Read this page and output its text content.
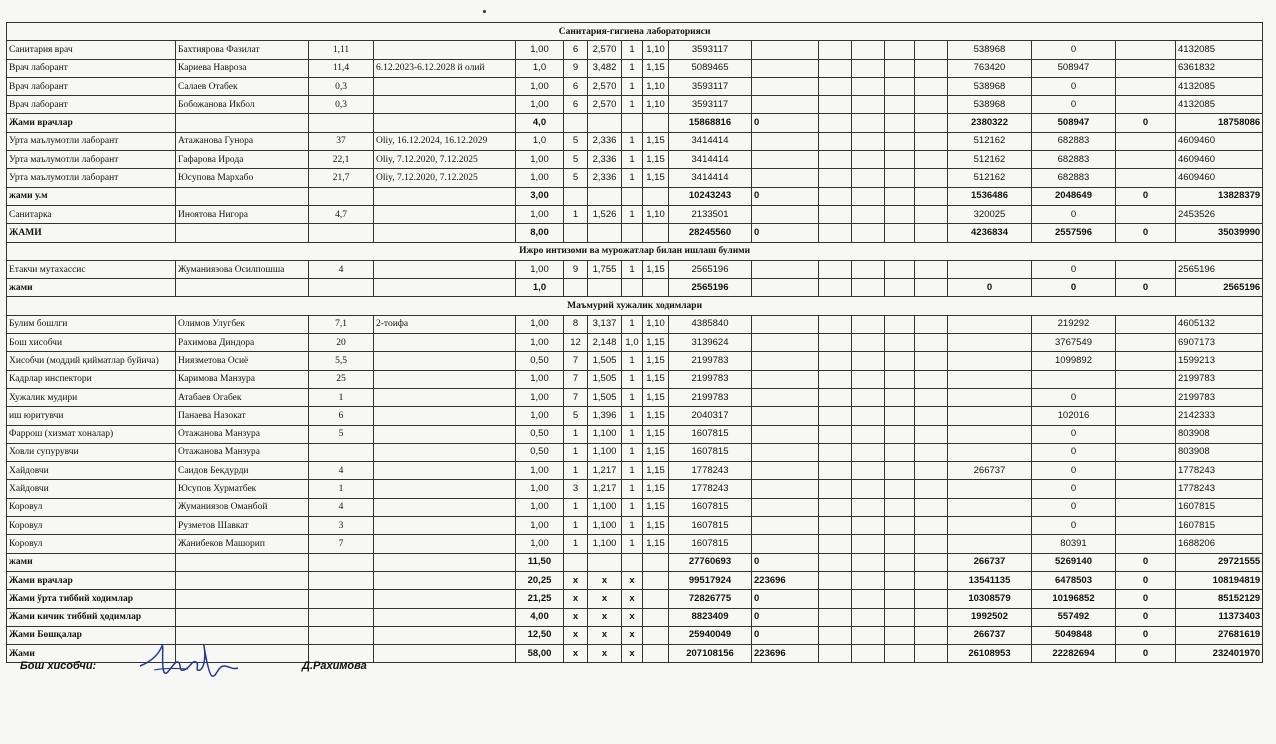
Санитария-гигиена лабораторияси																		
Санитария врач	Бахтиярова Фазилат	1,11		1,00	6	2,570	1	1,10	3593117						538968	0		4132085
Врач лаборант	Кариева Навроза	11,4	6.12.2023-6.12.2028 й олий	1,0	9	3,482	1	1,15	5089465						763420	508947		6361832
Врач лаборант	Салаев Отабек	0,3		1,00	6	2,570	1	1,10	3593117						538968	0		4132085
Врач лаборант	Бобожанова Икбол	0,3		1,00	6	2,570	1	1,10	3593117						538968	0		4132085
Жами врачлар				4,0					15868816	0					2380322	508947	0	18758086
Урта маълумотли лаборант	Атажанова Гунора	37	Oliy, 16.12.2024, 16.12.2029	1,0	5	2,336	1	1,15	3414414						512162	682883		4609460
Урта маълумотли лаборант	Гафарова Ирода	22,1	Oliy, 7.12.2020, 7.12.2025	1,00	5	2,336	1	1,15	3414414						512162	682883		4609460
Урта маълумотли лаборант	Юсупова Мархабо	21,7	Oliy, 7.12.2020, 7.12.2025	1,00	5	2,336	1	1,15	3414414						512162	682883		4609460
жами у.м				3,00					10243243	0					1536486	2048649	0	13828379
Санитарка	Иноятова Нигора	4,7		1,00	1	1,526	1	1,10	2133501						320025	0		2453526
ЖАМИ				8,00					28245560	0					4236834	2557596	0	35039990
Ижро интизоми ва мурожатлар билан ишлаш булими																		
Етакчи мутахассис	Жуманиязова Осилпошша	4		1,00	9	1,755	1	1,15	2565196							0		2565196
жами				1,0					2565196						0	0	0	2565196
Маъмурий хужалик ходимлари																		
Булим бошлги	Олимов Улугбек	7,1	2-тоифа	1,00	8	3,137	1	1,10	4385840							219292		4605132
Бош хисобчи	Рахимова Диндора	20		1,00	12	2,148	1,0	1,15	3139624							3767549		6907173
Хисобчи (моддий қийматлар буйича)	Ниязметова Осиё	5,5		0,50	7	1,505	1	1,15	2199783							1099892		1599213
Кадрлар инспектори	Каримова Манзура	25		1,00	7	1,505	1	1,15	2199783									2199783
Хужалик мудири	Атабаев Огабек	1		1,00	7	1,505	1	1,15	2199783							0		2199783
иш юритувчи	Панаева Назокат	6		1,00	5	1,396	1	1,15	2040317							102016		2142333
Фаррош (хизмат хоналар)	Отажанова Манзура	5		0,50	1	1,100	1	1,15	1607815							0		803908
Ховли супурувчи	Отажанова Манзура			0,50	1	1,100	1	1,15	1607815							0		803908
Хайдовчи	Саидов Бекдурди	4		1,00	1	1,217	1	1,15	1778243						266737	0		1778243
Хайдовчи	Юсупов Хурматбек	1		1,00	3	1,217	1	1,15	1778243							0		1778243
Коровул	Жуманиязов Оманбой	4		1,00	1	1,100	1	1,15	1607815							0		1607815
Коровул	Рузметов Шавкат	3		1,00	1	1,100	1	1,15	1607815							0		1607815
Коровул	Жанибеков Машорип	7		1,00	1	1,100	1	1,15	1607815							80391		1688206
жами				11,50					27760693	0					266737	5269140	0	29721555
Жами врачлар				20,25	x	x	x		99517924	223696					13541135	6478503	0	108194819
Жами ўрта тиббий ходимлар				21,25	x	x	x		72826775	0					10308579	10196852	0	85152129
Жами кичик тиббий ҳодимлар				4,00	x	x	x		8823409	0					1992502	557492	0	11373403
Жами Бошқалар				12,50	x	x	x		25940049	0					266737	5049848	0	27681619
Жами				58,00	x	x	x		207108156	223696					26108953	22282694	0	232401970
Бош хисобчи:	Д.Рахимова
